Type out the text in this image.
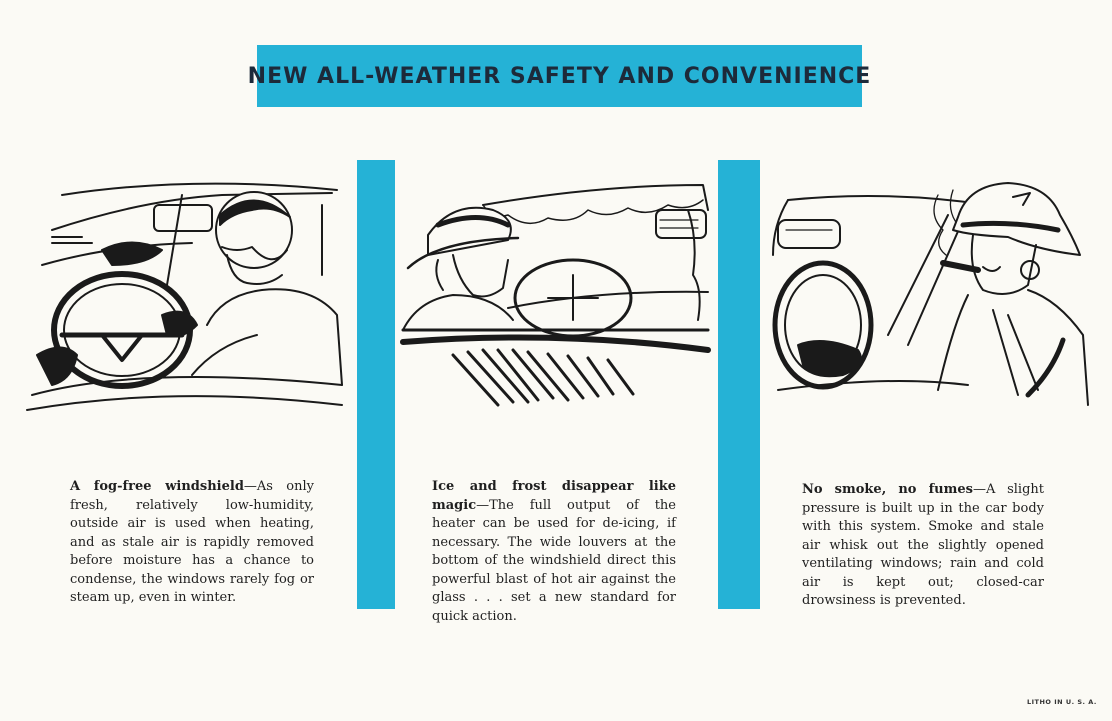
NEW ALL-WEATHER SAFETY AND CONVENIENCE

A fog-free windshield—As only fresh, relatively low-humidity, outside air is used when heating, and as stale air is rapidly removed before moisture has a chance to condense, the windows rarely fog or steam up, even in winter.

Ice and frost disappear like magic—The full output of the heater can be used for de-icing, if necessary. The wide louvers at the bottom of the windshield direct this powerful blast of hot air against the glass . . . set a new standard for quick action.

No smoke, no fumes—A slight pressure is built up in the car body with this system. Smoke and stale air whisk out the slightly opened ventilating windows; rain and cold air is kept out; closed-car drowsiness is prevented.

LITHO IN U. S. A.
